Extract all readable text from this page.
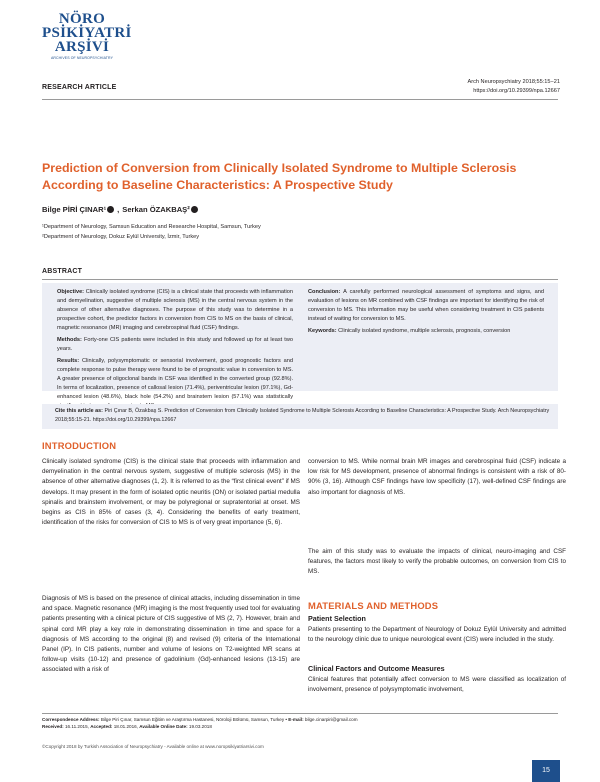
NÖRO
PSİKİYATRİ
ARŞİVİ
ARCHIVES OF NEUROPSYCHIATRY
Arch Neuropsychiatry 2018;55:15−21
https://doi.org/10.29399/npa.12667
RESEARCH ARTICLE
Prediction of Conversion from Clinically Isolated Syndrome to Multiple Sclerosis According to Baseline Characteristics: A Prospective Study
Bilge PİRİ ÇINAR¹ , Serkan ÖZAKBAŞ²
¹Department of Neurology, Samsun Education and Researche Hospital, Samsun, Turkey
²Department of Neurology, Dokuz Eylül University, İzmir, Turkey
ABSTRACT

Objective: Clinically isolated syndrome (CIS) is a clinical state that proceeds with inflammation and demyelination, suggestive of multiple sclerosis (MS) in the central nervous system in the absence of other alternative diagnoses. The purpose of this study was to determine in a prospective cohort, the predictor factors in conversion from CIS to MS on the basis of clinical, magnetic resonance (MR) imaging and cerebrospinal fluid (CSF) findings.

Methods: Forty-one CIS patients were included in this study and followed up for at least two years.

Results: Clinically, polysymptomatic or sensorial involvement, good prognostic factors and complete response to pulse therapy were found to be of prognostic value in conversion to MS. A greater presence of oligoclonal bands in CSF was identified in the converted group (92.8%). In terms of localization, presence of callosal lesion (71.4%), periventricular lesion (97.1%), Gd-enhanced lesion (48.6%), black hole (54.2%) and brainstem lesion (57.1%) was statistically

Conclusion: A carefully performed neurological assessment of symptoms and signs, and evaluation of lesions on MR combined with CSF findings are important for identifying the risk of conversion to MS. This information may be useful when considering treatment in CIS patients instead of waiting for conversion to MS.

Keywords: Clinically isolated syndrome, multiple sclerosis, prognosis, conversion

Cite this article as: Piri Çınar B, Özakbaş S. Prediction of Conversion from Clinically Isolated Syndrome to Multiple Sclerosis According to Baseline Characteristics: A Prospective Study. Arch Neuropsychiatry 2018;55:15-21. https://doi.org/10.29399/npa.12667
INTRODUCTION

Clinically isolated syndrome (CIS) is the clinical state that proceeds with inflammation and demyelination in the central nervous system, suggestive of multiple sclerosis (MS) in the absence of other alternative diagnoses (1, 2). It is referred to as the “first clinical event” if MS develops. It may present in the form of isolated optic neuritis (ON) or isolated partial medulla spinalis and brainstem involvement, or may be polyregional or supratentorial at onset. MS begins as CIS in 85% of cases (3, 4). Considering the benefits of early treatment, identification of the risks for conversion of CIS to MS is of very great importance (5, 6).

Diagnosis of MS is based on the presence of clinical attacks, including dissemination in time and space. Magnetic resonance (MR) imaging is the most frequently used tool for evaluating patients presenting with a clinical picture of CIS suggestive of MS (2, 7). However, brain and spinal cord MR play a key role in demonstrating dissemination in time and space for a diagnosis of MS according to the original (8) and revised (9) criteria of the International Panel (IP). In CIS patients, number and volume of lesions on T2-weighted MR scans at follow-up visits (10-12) and presence of gadolinium (Gd)-enhanced lesions (13-15) are associated with a risk of

conversion to MS. While normal brain MR images and cerebrospinal fluid (CSF) indicate a low risk for MS development, presence of abnormal findings is consistent with a risk of 80-90% (3, 16). Although CSF findings have low specificity (17), well-defined CSF findings are also important for diagnosis of MS.

The aim of this study was to evaluate the impacts of clinical, neuro-imaging and CSF features, the factors most likely to verify the probable outcomes, on conversion from CIS to MS.

MATERIALS AND METHODS
Patient Selection

Patients presenting to the Department of Neurology of Dokuz Eylül University and admitted to the neurology clinic due to unique neurological event (CIS) were included in the study.

Clinical Factors and Outcome Measures

Clinical features that potentially affect conversion to MS were classified as localization of involvement, presence of polysymptomatic involvement,

Correspondence Address: Bilge Piri Çınar, Samsun Eğitim ve Araştırma Hastanesi, Nöroloji Bölümü, Samsun, Turkey • E-mail: bilge.cinarpiri@gmail.com
Received: 16.11.2015, Accepted: 18.01.2016, Available Online Date: 19.03.2018
©Copyright 2018 by Turkish Association of Neuropsychiatry - Available online at www.noropsikiyatriarsivi.com
15
